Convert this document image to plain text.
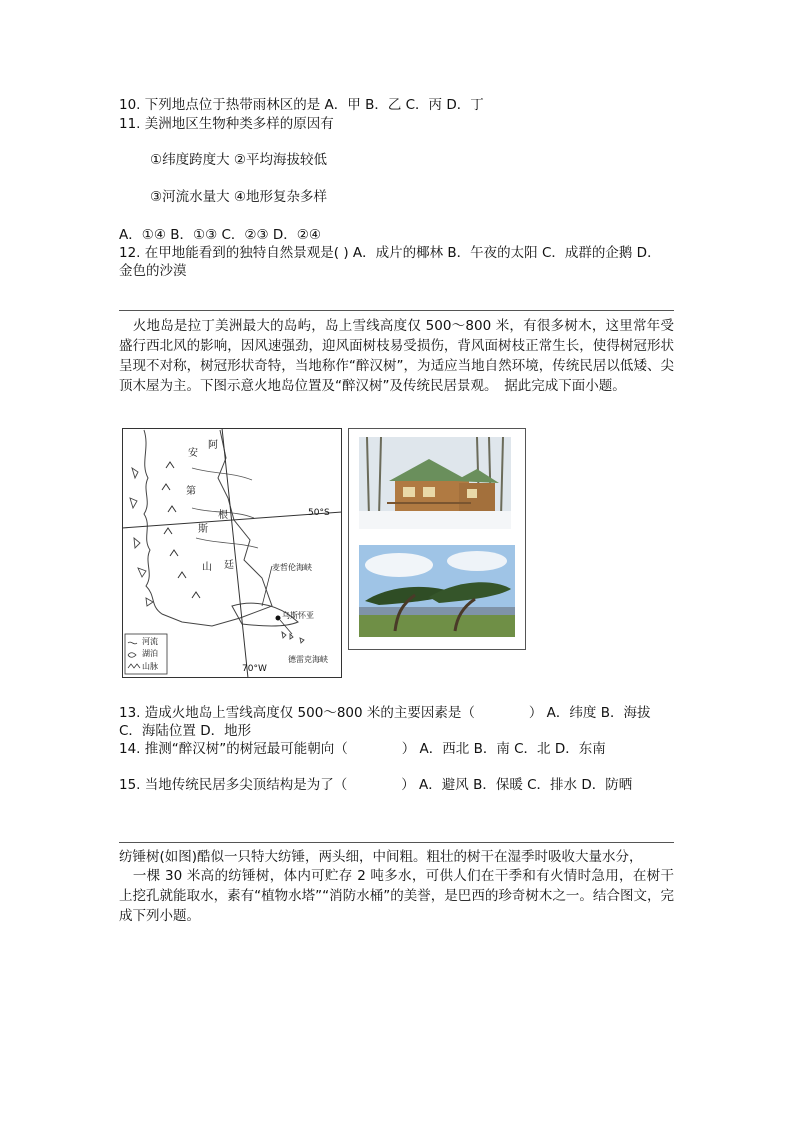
10. 下列地点位于热带雨林区的是 A．甲 B．乙 C．丙 D．丁
11. 美洲地区生物种类多样的原因有
①纬度跨度大 ②平均海拔较低
③河流水量大 ④地形复杂多样
A．①④ B．①③ C．②③ D．②④
12. 在甲地能看到的独特自然景观是( ) A．成片的椰林 B．午夜的太阳 C．成群的企鹅 D．金色的沙漠
　火地岛是拉丁美洲最大的岛屿，岛上雪线高度仅 500～800 米，有很多树木，这里常年受盛行西北风的影响，因风速强劲，迎风面树枝易受损伤，背风面树枝正常生长，使得树冠形状呈现不对称，树冠形状奇特，当地称作“醉汉树”，为适应当地自然环境，传统民居以低矮、尖顶木屋为主。下图示意火地岛位置及“醉汉树”及传统民居景观。　据此完成下面小题。
安
第
斯
山
阿
根
廷
50°S
70°W
麦哲伦海峡
乌斯怀亚
德雷克海峡
河流
湖泊
山脉
13. 造成火地岛上雪线高度仅 500～800 米的主要因素是（　　　　） A．纬度 B．海拔 C．海陆位置 D．地形
14. 推测“醉汉树”的树冠最可能朝向（　　　　） A．西北 B．南 C．北 D．东南
15. 当地传统民居多尖顶结构是为了（　　　　） A．避风 B．保暖 C．排水 D．防晒
纺锤树(如图)酷似一只特大纺锤，两头细，中间粗。粗壮的树干在湿季时吸收大量水分，
　一棵 30 米高的纺锤树，体内可贮存 2 吨多水，可供人们在干季和有火情时急用，在树干上挖孔就能取水，素有“植物水塔”“消防水桶”的美誉，是巴西的珍奇树木之一。结合图文，完成下列小题。
